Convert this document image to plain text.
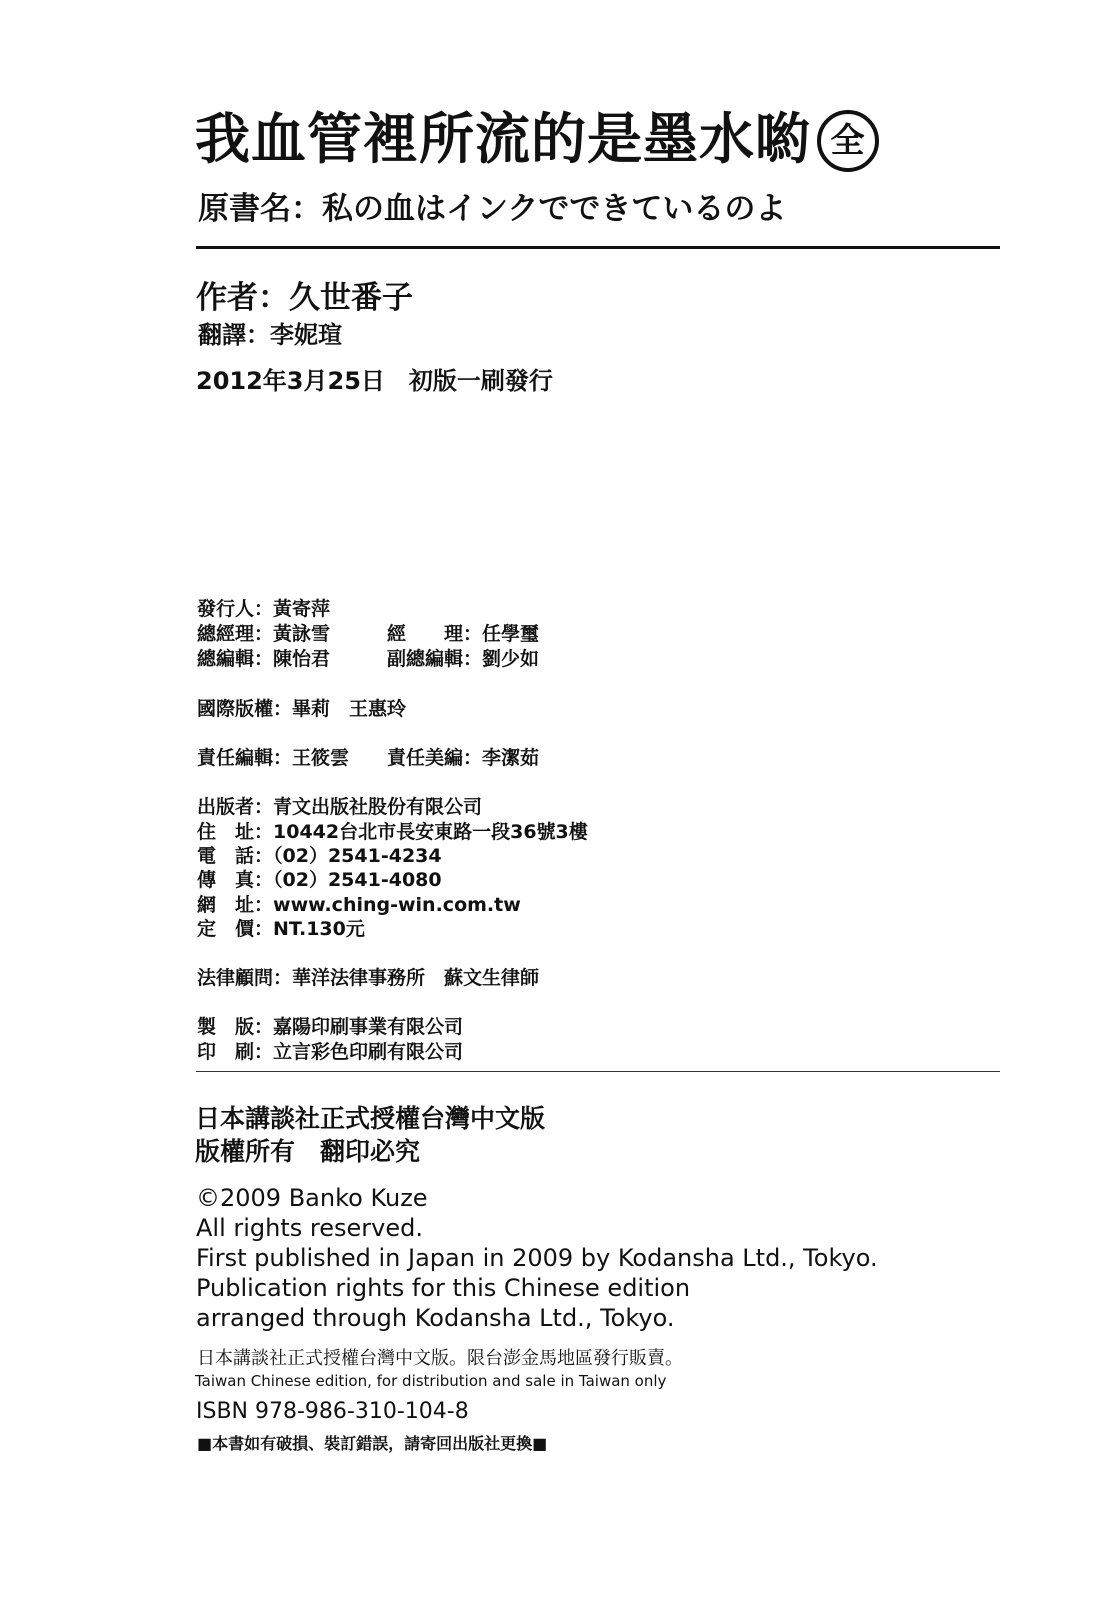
我血管裡所流的是墨水喲 全
原書名：私の血はインクでできているのよ
作者：久世番子
翻譯：李妮瑄
2012年3月25日　初版一刷發行
發行人：黃寄萍
總經理：黃詠雪	經　　理：任學璽
總編輯：陳怡君	副總編輯：劉少如
國際版權：畢莉　王惠玲
責任編輯：王筱雲 責任美編：李潔茹
出版者：青文出版社股份有限公司
住　址：10442台北市長安東路一段36號3樓
電　話：（02）2541-4234
傳　真：（02）2541-4080
網　址：www.ching-win.com.tw
定　價：NT.130元
法律顧問：華洋法律事務所　蘇文生律師
製　版：嘉陽印刷事業有限公司
印　刷：立言彩色印刷有限公司
日本講談社正式授權台灣中文版
版權所有　翻印必究
©2009 Banko Kuze
All rights reserved.
First published in Japan in 2009 by Kodansha Ltd., Tokyo.
Publication rights for this Chinese edition
arranged through Kodansha Ltd., Tokyo.
日本講談社正式授權台灣中文版。限台澎金馬地區發行販賣。
Taiwan Chinese edition, for distribution and sale in Taiwan only
ISBN 978-986-310-104-8
■本書如有破損、裝訂錯誤，請寄回出版社更換■
